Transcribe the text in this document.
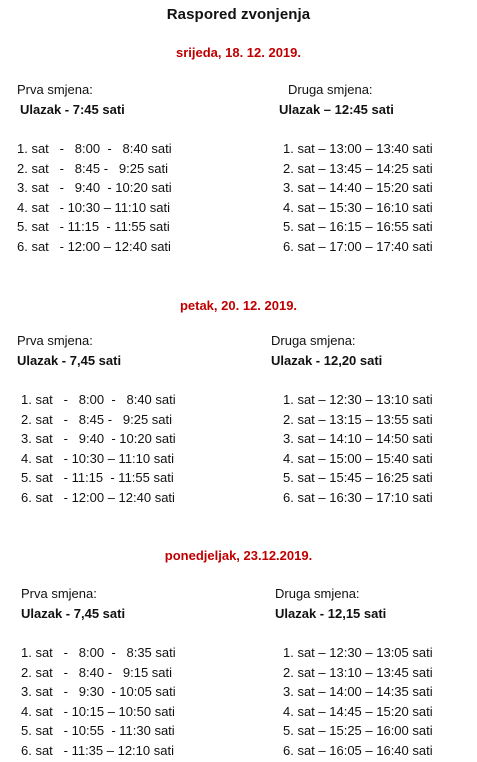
Raspored zvonjenja
srijeda, 18. 12. 2019.
Prva smjena:
Ulazak - 7:45 sati
1. sat   -   8:00  -   8:40 sati
2. sat   -   8:45 -   9:25 sati
3. sat   -   9:40  - 10:20 sati
4. sat   - 10:30 – 11:10 sati
5. sat   - 11:15  - 11:55 sati
6. sat   - 12:00 – 12:40 sati
Druga smjena:
Ulazak – 12:45 sati
1. sat – 13:00 – 13:40 sati
2. sat – 13:45 – 14:25 sati
3. sat – 14:40 – 15:20 sati
4. sat – 15:30 – 16:10 sati
5. sat – 16:15 – 16:55 sati
6. sat – 17:00 – 17:40 sati
petak, 20. 12. 2019.
Prva smjena:
Ulazak - 7,45 sati
1. sat   -   8:00  -   8:40 sati
2. sat   -   8:45 -   9:25 sati
3. sat   -   9:40  - 10:20 sati
4. sat   - 10:30 – 11:10 sati
5. sat   - 11:15  - 11:55 sati
6. sat   - 12:00 – 12:40 sati
Druga smjena:
Ulazak - 12,20 sati
1. sat – 12:30 – 13:10 sati
2. sat – 13:15 – 13:55 sati
3. sat – 14:10 – 14:50 sati
4. sat – 15:00 – 15:40 sati
5. sat – 15:45 – 16:25 sati
6. sat – 16:30 – 17:10 sati
ponedjeljak, 23.12.2019.
Prva smjena:
Ulazak - 7,45 sati
1. sat   -   8:00  -   8:35 sati
2. sat   -   8:40 -   9:15 sati
3. sat   -   9:30  - 10:05 sati
4. sat   - 10:15 – 10:50 sati
5. sat   - 10:55  - 11:30 sati
6. sat   - 11:35 – 12:10 sati
Druga smjena:
Ulazak - 12,15 sati
1. sat – 12:30 – 13:05 sati
2. sat – 13:10 – 13:45 sati
3. sat – 14:00 – 14:35 sati
4. sat – 14:45 – 15:20 sati
5. sat – 15:25 – 16:00 sati
6. sat – 16:05 – 16:40 sati
